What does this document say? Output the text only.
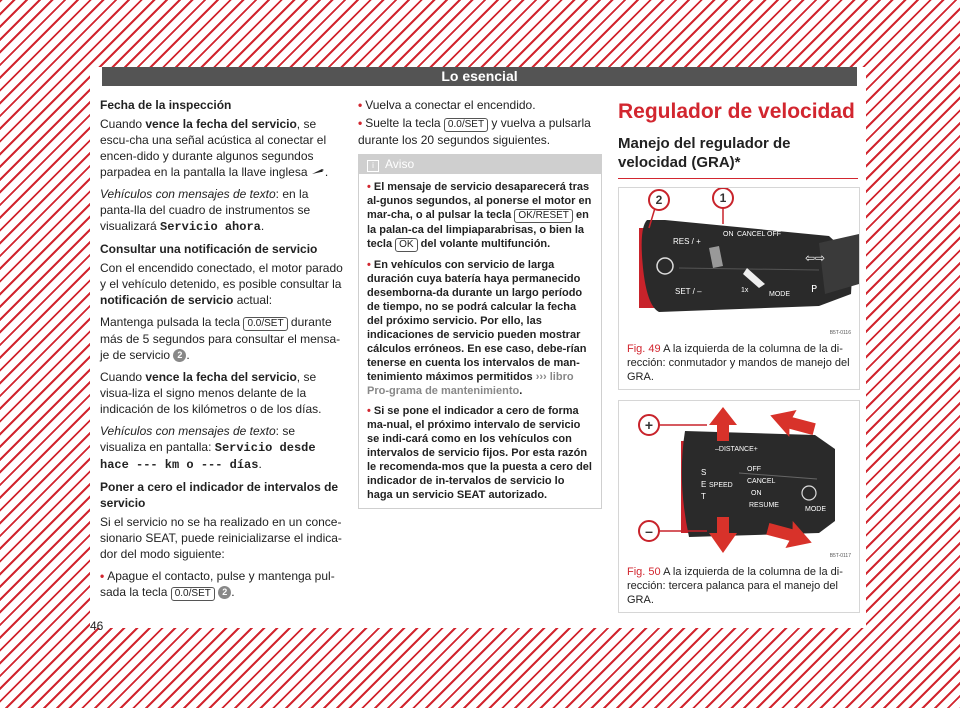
Lo esencial
Fecha de la inspección

Cuando vence la fecha del servicio, se escu-cha una señal acústica al conectar el encen-dido y durante algunos segundos parpadea en la pantalla la llave inglesa .

Vehículos con mensajes de texto: en la panta-lla del cuadro de instrumentos se visualizará Servicio ahora.

Consultar una notificación de servicio

Con el encendido conectado, el motor parado y el vehículo detenido, es posible consultar la notificación de servicio actual:

Mantenga pulsada la tecla 0.0/SET durante más de 5 segundos para consultar el mensa-je de servicio 2 .

Cuando vence la fecha del servicio, se visua-liza el signo menos delante de la indicación de los kilómetros o de los días.

Vehículos con mensajes de texto: se visualiza en pantalla: Servicio desde hace --- km o --- días.

Poner a cero el indicador de intervalos de servicio

Si el servicio no se ha realizado en un conce-sionario SEAT, puede reinicializarse el indica-dor del modo siguiente:

• Apague el contacto, pulse y mantenga pul-sada la tecla 0.0/SET 2 .

• Vuelva a conectar el encendido.

• Suelte la tecla 0.0/SET y vuelva a pulsarla durante los 20 segundos siguientes.

i Aviso

• El mensaje de servicio desaparecerá tras al-gunos segundos, al ponerse el motor en mar-cha, o al pulsar la tecla OK/RESET en la palan-ca del limpiaparabrisas, o bien la tecla OK del volante multifunción.

• En vehículos con servicio de larga duración cuya batería haya permanecido desemborna-da durante un largo período de tiempo, no se podrá calcular la fecha del próximo servicio. Por ello, las indicaciones de servicio pueden mostrar cálculos erróneos. En ese caso, debe-rían tenerse en cuenta los intervalos de man-tenimiento máximos permitidos ››› libro Pro-grama de mantenimiento.

• Si se pone el indicador a cero de forma ma-nual, el próximo intervalo de servicio se indi-cará como en los vehículos con intervalos de servicio fijos. Por esta razón le recomenda-mos que la puesta a cero del indicador de in-tervalos de servicio lo haga un servicio SEAT autorizado.

Regulador de velocidad
Manejo del regulador de velocidad (GRA)*
RES / +
SET / –
ON CANCEL OFF
MODE
1x
⇦⇨
P
1
2
B5T-0116
Fig. 49 A la izquierda de la columna de la di-rección: conmutador y mandos de manejo del GRA.
–DISTANCE+
S
E
T
SPEED
OFF
CANCEL
ON
RESUME
MODE
+
–
B5T-0117
Fig. 50 A la izquierda de la columna de la di-rección: tercera palanca para el manejo del GRA.
46
